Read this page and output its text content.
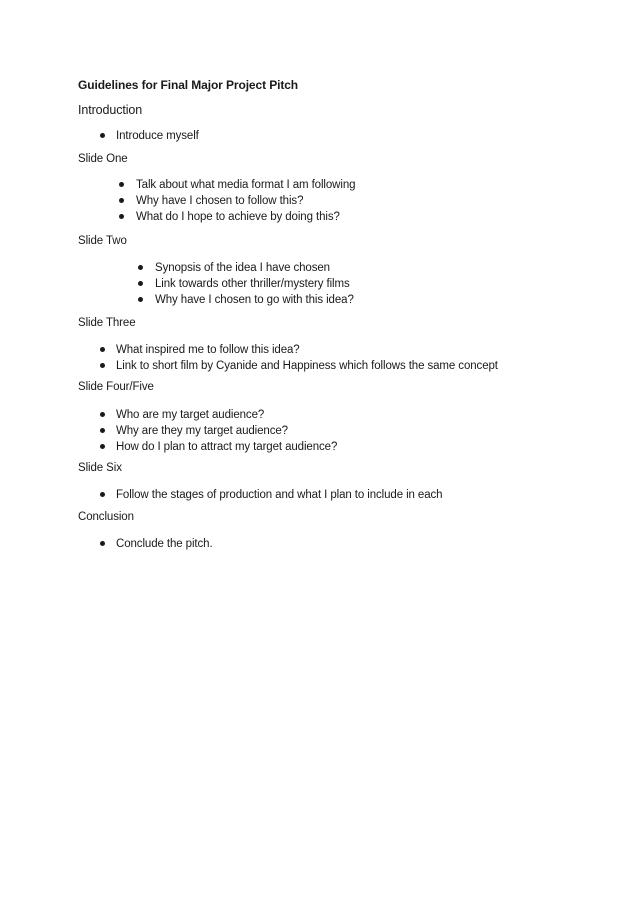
Guidelines for Final Major Project Pitch
Introduction
Introduce myself
Slide One
Talk about what media format I am following
Why have I chosen to follow this?
What do I hope to achieve by doing this?
Slide Two
Synopsis of the idea I have chosen
Link towards other thriller/mystery films
Why have I chosen to go with this idea?
Slide Three
What inspired me to follow this idea?
Link to short film by Cyanide and Happiness which follows the same concept
Slide Four/Five
Who are my target audience?
Why are they my target audience?
How do I plan to attract my target audience?
Slide Six
Follow the stages of production and what I plan to include in each
Conclusion
Conclude the pitch.
